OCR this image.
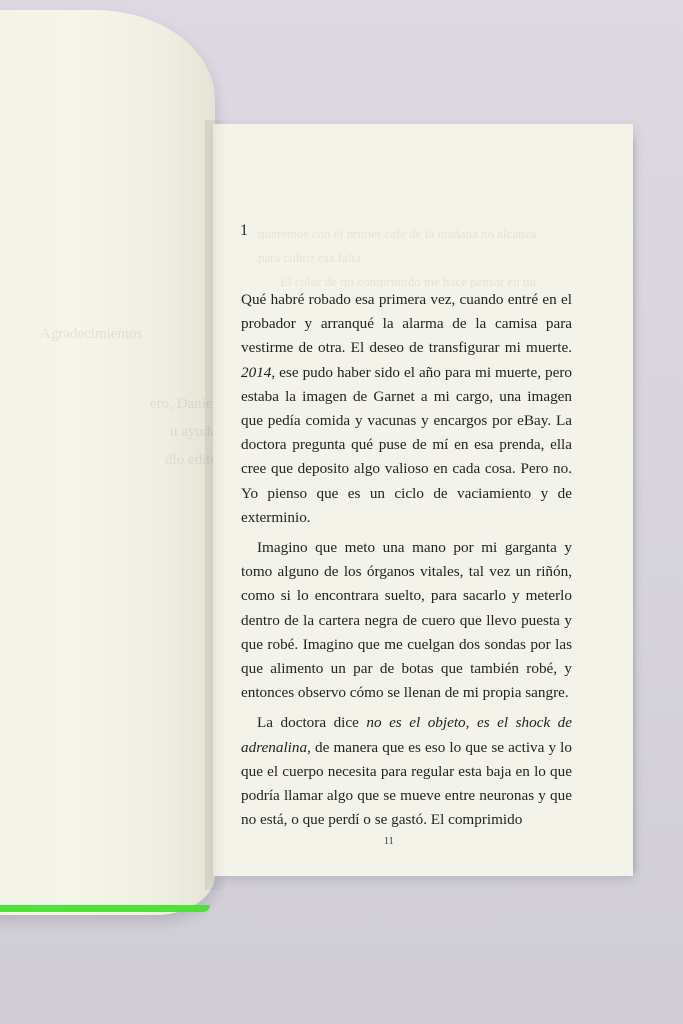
1

Qué habré robado esa primera vez, cuando entré en el probador y arranqué la alarma de la camisa para vestirme de otra. El deseo de transfigurar mi muerte. 2014, ese pudo haber sido el año para mi muerte, pero estaba la imagen de Garnet a mi cargo, una imagen que pedía comida y vacunas y encargos por eBay. La doctora pregunta qué puse de mí en esa prenda, ella cree que deposito algo valioso en cada cosa. Pero no. Yo pienso que es un ciclo de vaciamiento y de exterminio.

Imagino que meto una mano por mi garganta y tomo alguno de los órganos vitales, tal vez un riñón, como si lo encontrara suelto, para sacarlo y meterlo dentro de la cartera negra de cuero que llevo puesta y que robé. Imagino que me cuelgan dos sondas por las que alimento un par de botas que también robé, y entonces observo cómo se llenan de mi propia sangre.

La doctora dice no es el objeto, es el shock de adrenalina, de manera que es eso lo que se activa y lo que el cuerpo necesita para regular esta baja en lo que podría llamar algo que se mueve entre neuronas y que no está, o que perdí o se gastó. El comprimido

11
